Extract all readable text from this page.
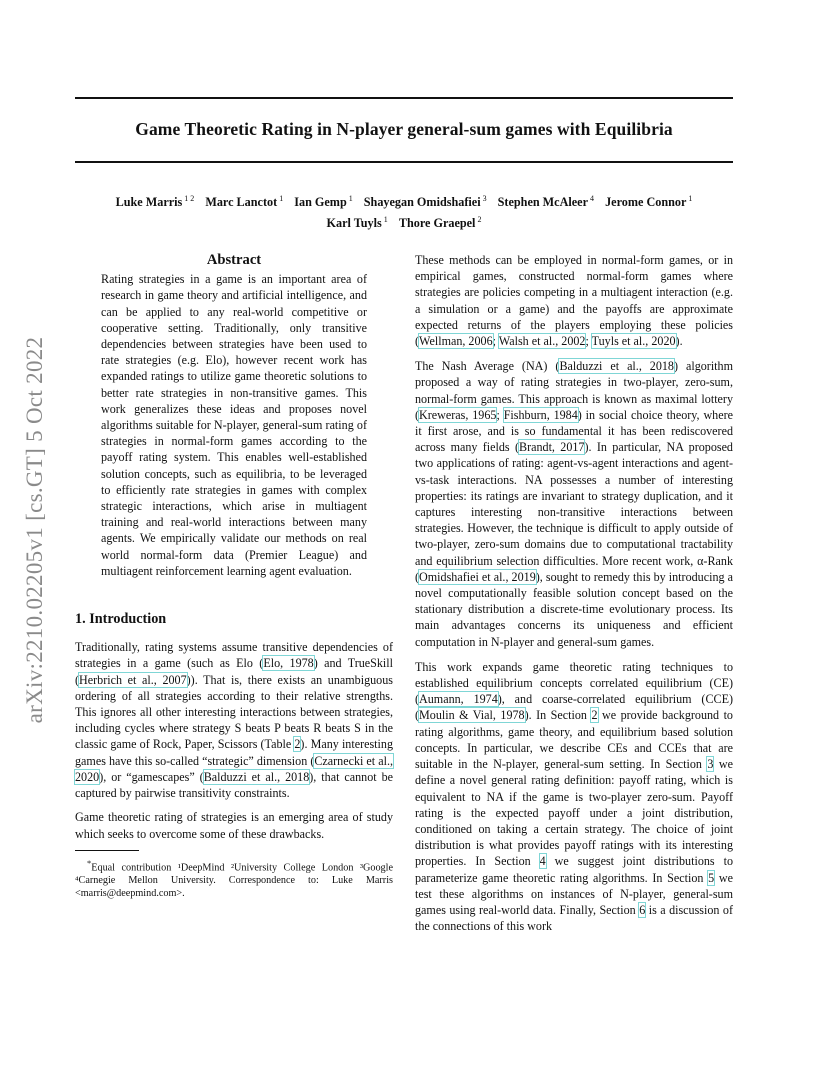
arXiv:2210.02205v1 [cs.GT] 5 Oct 2022
Game Theoretic Rating in N-player general-sum games with Equilibria
Luke Marris $^{1 2}$ Marc Lanctot $^1$ Ian Gemp $^1$ Shayegan Omidshafiei $^3$ Stephen McAleer $^4$ Jerome Connor $^1$
Karl Tuyls $^1$ Thore Graepel $^2$
Abstract

Rating strategies in a game is an important area of research in game theory and artificial intelligence, and can be applied to any real-world competitive or cooperative setting. Traditionally, only transitive dependencies between strategies have been used to rate strategies (e.g. Elo), however recent work has expanded ratings to utilize game theoretic solutions to better rate strategies in non-transitive games. This work generalizes these ideas and proposes novel algorithms suitable for N-player, general-sum rating of strategies in normal-form games according to the payoff rating system. This enables well-established solution concepts, such as equilibria, to be leveraged to efficiently rate strategies in games with complex strategic interactions, which arise in multiagent training and real-world interactions between many agents. We empirically validate our methods on real world normal-form data (Premier League) and multiagent reinforcement learning agent evaluation.

1. Introduction

Traditionally, rating systems assume transitive dependencies of strategies in a game (such as Elo (Elo, 1978) and TrueSkill (Herbrich et al., 2007)). That is, there exists an unambiguous ordering of all strategies according to their relative strengths. This ignores all other interesting interactions between strategies, including cycles where strategy S beats P beats R beats S in the classic game of Rock, Paper, Scissors (Table 2). Many interesting games have this so-called “strategic” dimension (Czarnecki et al., 2020), or “gamescapes” (Balduzzi et al., 2018), that cannot be captured by pairwise transitivity constraints.

Game theoretic rating of strategies is an emerging area of study which seeks to overcome some of these drawbacks.

*Equal contribution ¹DeepMind ²University College London ³Google ⁴Carnegie Mellon University. Correspondence to: Luke Marris <marris@deepmind.com>.

These methods can be employed in normal-form games, or in empirical games, constructed normal-form games where strategies are policies competing in a multiagent interaction (e.g. a simulation or a game) and the payoffs are approximate expected returns of the players employing these policies (Wellman, 2006; Walsh et al., 2002; Tuyls et al., 2020).

The Nash Average (NA) (Balduzzi et al., 2018) algorithm proposed a way of rating strategies in two-player, zero-sum, normal-form games. This approach is known as maximal lottery (Kreweras, 1965; Fishburn, 1984) in social choice theory, where it first arose, and is so fundamental it has been rediscovered across many fields (Brandt, 2017). In particular, NA proposed two applications of rating: agent-vs-agent interactions and agent-vs-task interactions. NA possesses a number of interesting properties: its ratings are invariant to strategy duplication, and it captures interesting non-transitive interactions between strategies. However, the technique is difficult to apply outside of two-player, zero-sum domains due to computational tractability and equilibrium selection difficulties. More recent work, α-Rank (Omidshafiei et al., 2019), sought to remedy this by introducing a novel computationally feasible solution concept based on the stationary distribution a discrete-time evolutionary process. Its main advantages concerns its uniqueness and efficient computation in N-player and general-sum games.

This work expands game theoretic rating techniques to established equilibrium concepts correlated equilibrium (CE) (Aumann, 1974), and coarse-correlated equilibrium (CCE) (Moulin & Vial, 1978). In Section 2 we provide background to rating algorithms, game theory, and equilibrium based solution concepts. In particular, we describe CEs and CCEs that are suitable in the N-player, general-sum setting. In Section 3 we define a novel general rating definition: payoff rating, which is equivalent to NA if the game is two-player zero-sum. Payoff rating is the expected payoff under a joint distribution, conditioned on taking a certain strategy. The choice of joint distribution is what provides payoff ratings with its interesting properties. In Section 4 we suggest joint distributions to parameterize game theoretic rating algorithms. In Section 5 we test these algorithms on instances of N-player, general-sum games using real-world data. Finally, Section 6 is a discussion of the connections of this work
